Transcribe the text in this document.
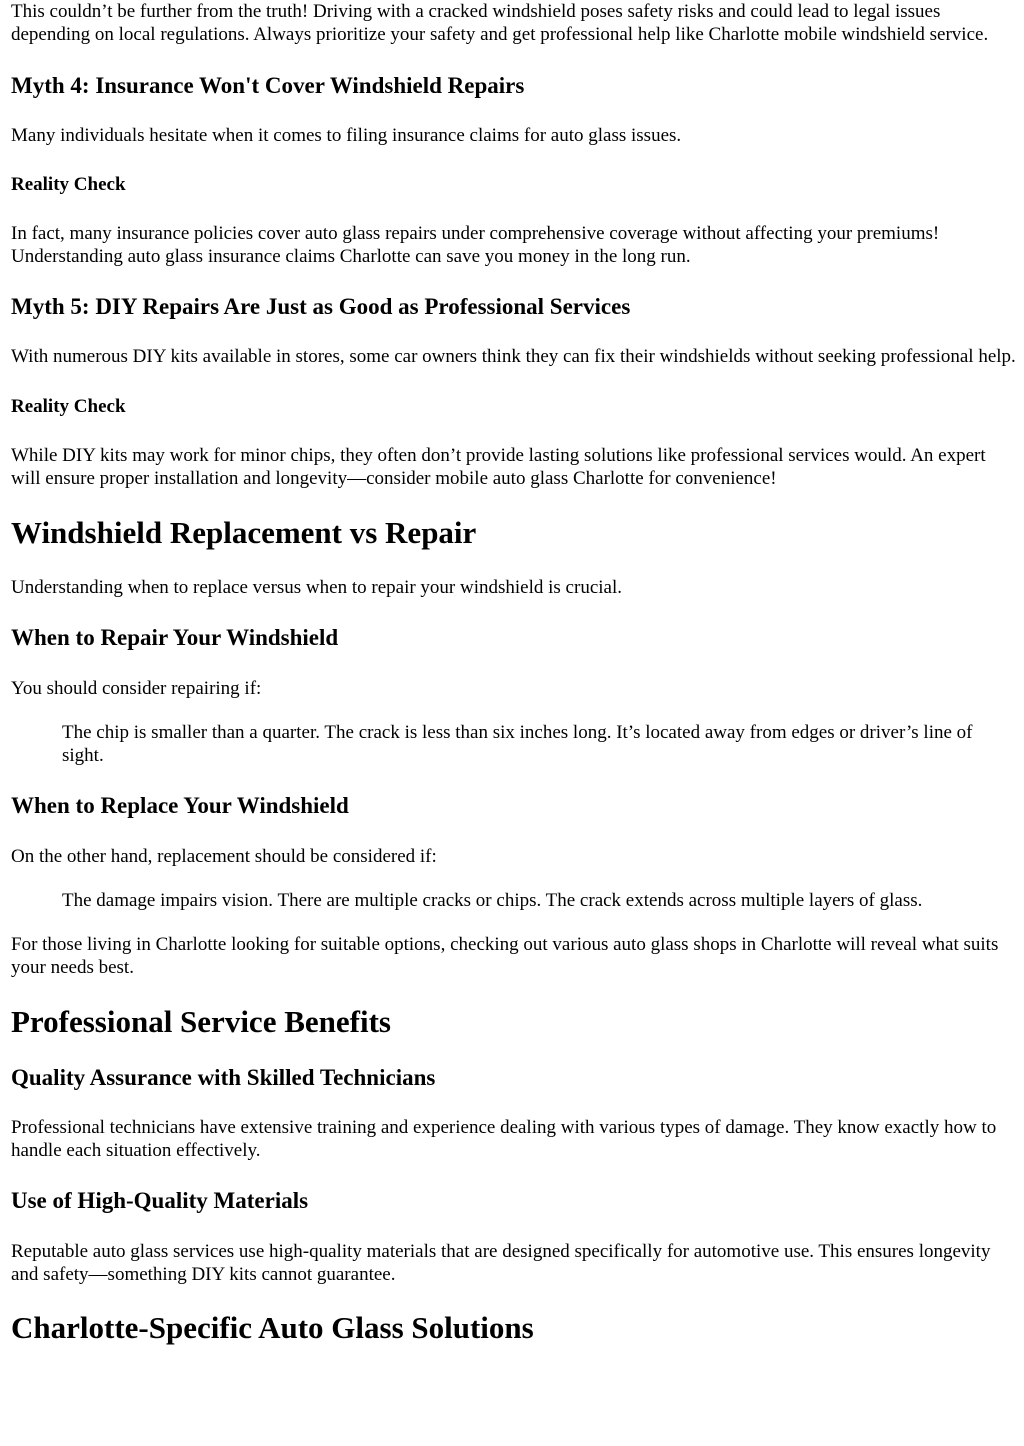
This couldn’t be further from the truth! Driving with a cracked windshield poses safety risks and could lead to legal issues depending on local regulations. Always prioritize your safety and get professional help like Charlotte mobile windshield service.

Myth 4: Insurance Won't Cover Windshield Repairs

Many individuals hesitate when it comes to filing insurance claims for auto glass issues.

Reality Check

In fact, many insurance policies cover auto glass repairs under comprehensive coverage without affecting your premiums! Understanding auto glass insurance claims Charlotte can save you money in the long run.

Myth 5: DIY Repairs Are Just as Good as Professional Services

With numerous DIY kits available in stores, some car owners think they can fix their windshields without seeking professional help.

Reality Check

While DIY kits may work for minor chips, they often don’t provide lasting solutions like professional services would. An expert will ensure proper installation and longevity—consider mobile auto glass Charlotte for convenience!

Windshield Replacement vs Repair

Understanding when to replace versus when to repair your windshield is crucial.

When to Repair Your Windshield

You should consider repairing if:

The chip is smaller than a quarter. The crack is less than six inches long. It’s located away from edges or driver’s line of sight.

When to Replace Your Windshield

On the other hand, replacement should be considered if:

The damage impairs vision. There are multiple cracks or chips. The crack extends across multiple layers of glass.

For those living in Charlotte looking for suitable options, checking out various auto glass shops in Charlotte will reveal what suits your needs best.

Professional Service Benefits
Quality Assurance with Skilled Technicians

Professional technicians have extensive training and experience dealing with various types of damage. They know exactly how to handle each situation effectively.

Use of High-Quality Materials

Reputable auto glass services use high-quality materials that are designed specifically for automotive use. This ensures longevity and safety—something DIY kits cannot guarantee.

Charlotte-Specific Auto Glass Solutions
